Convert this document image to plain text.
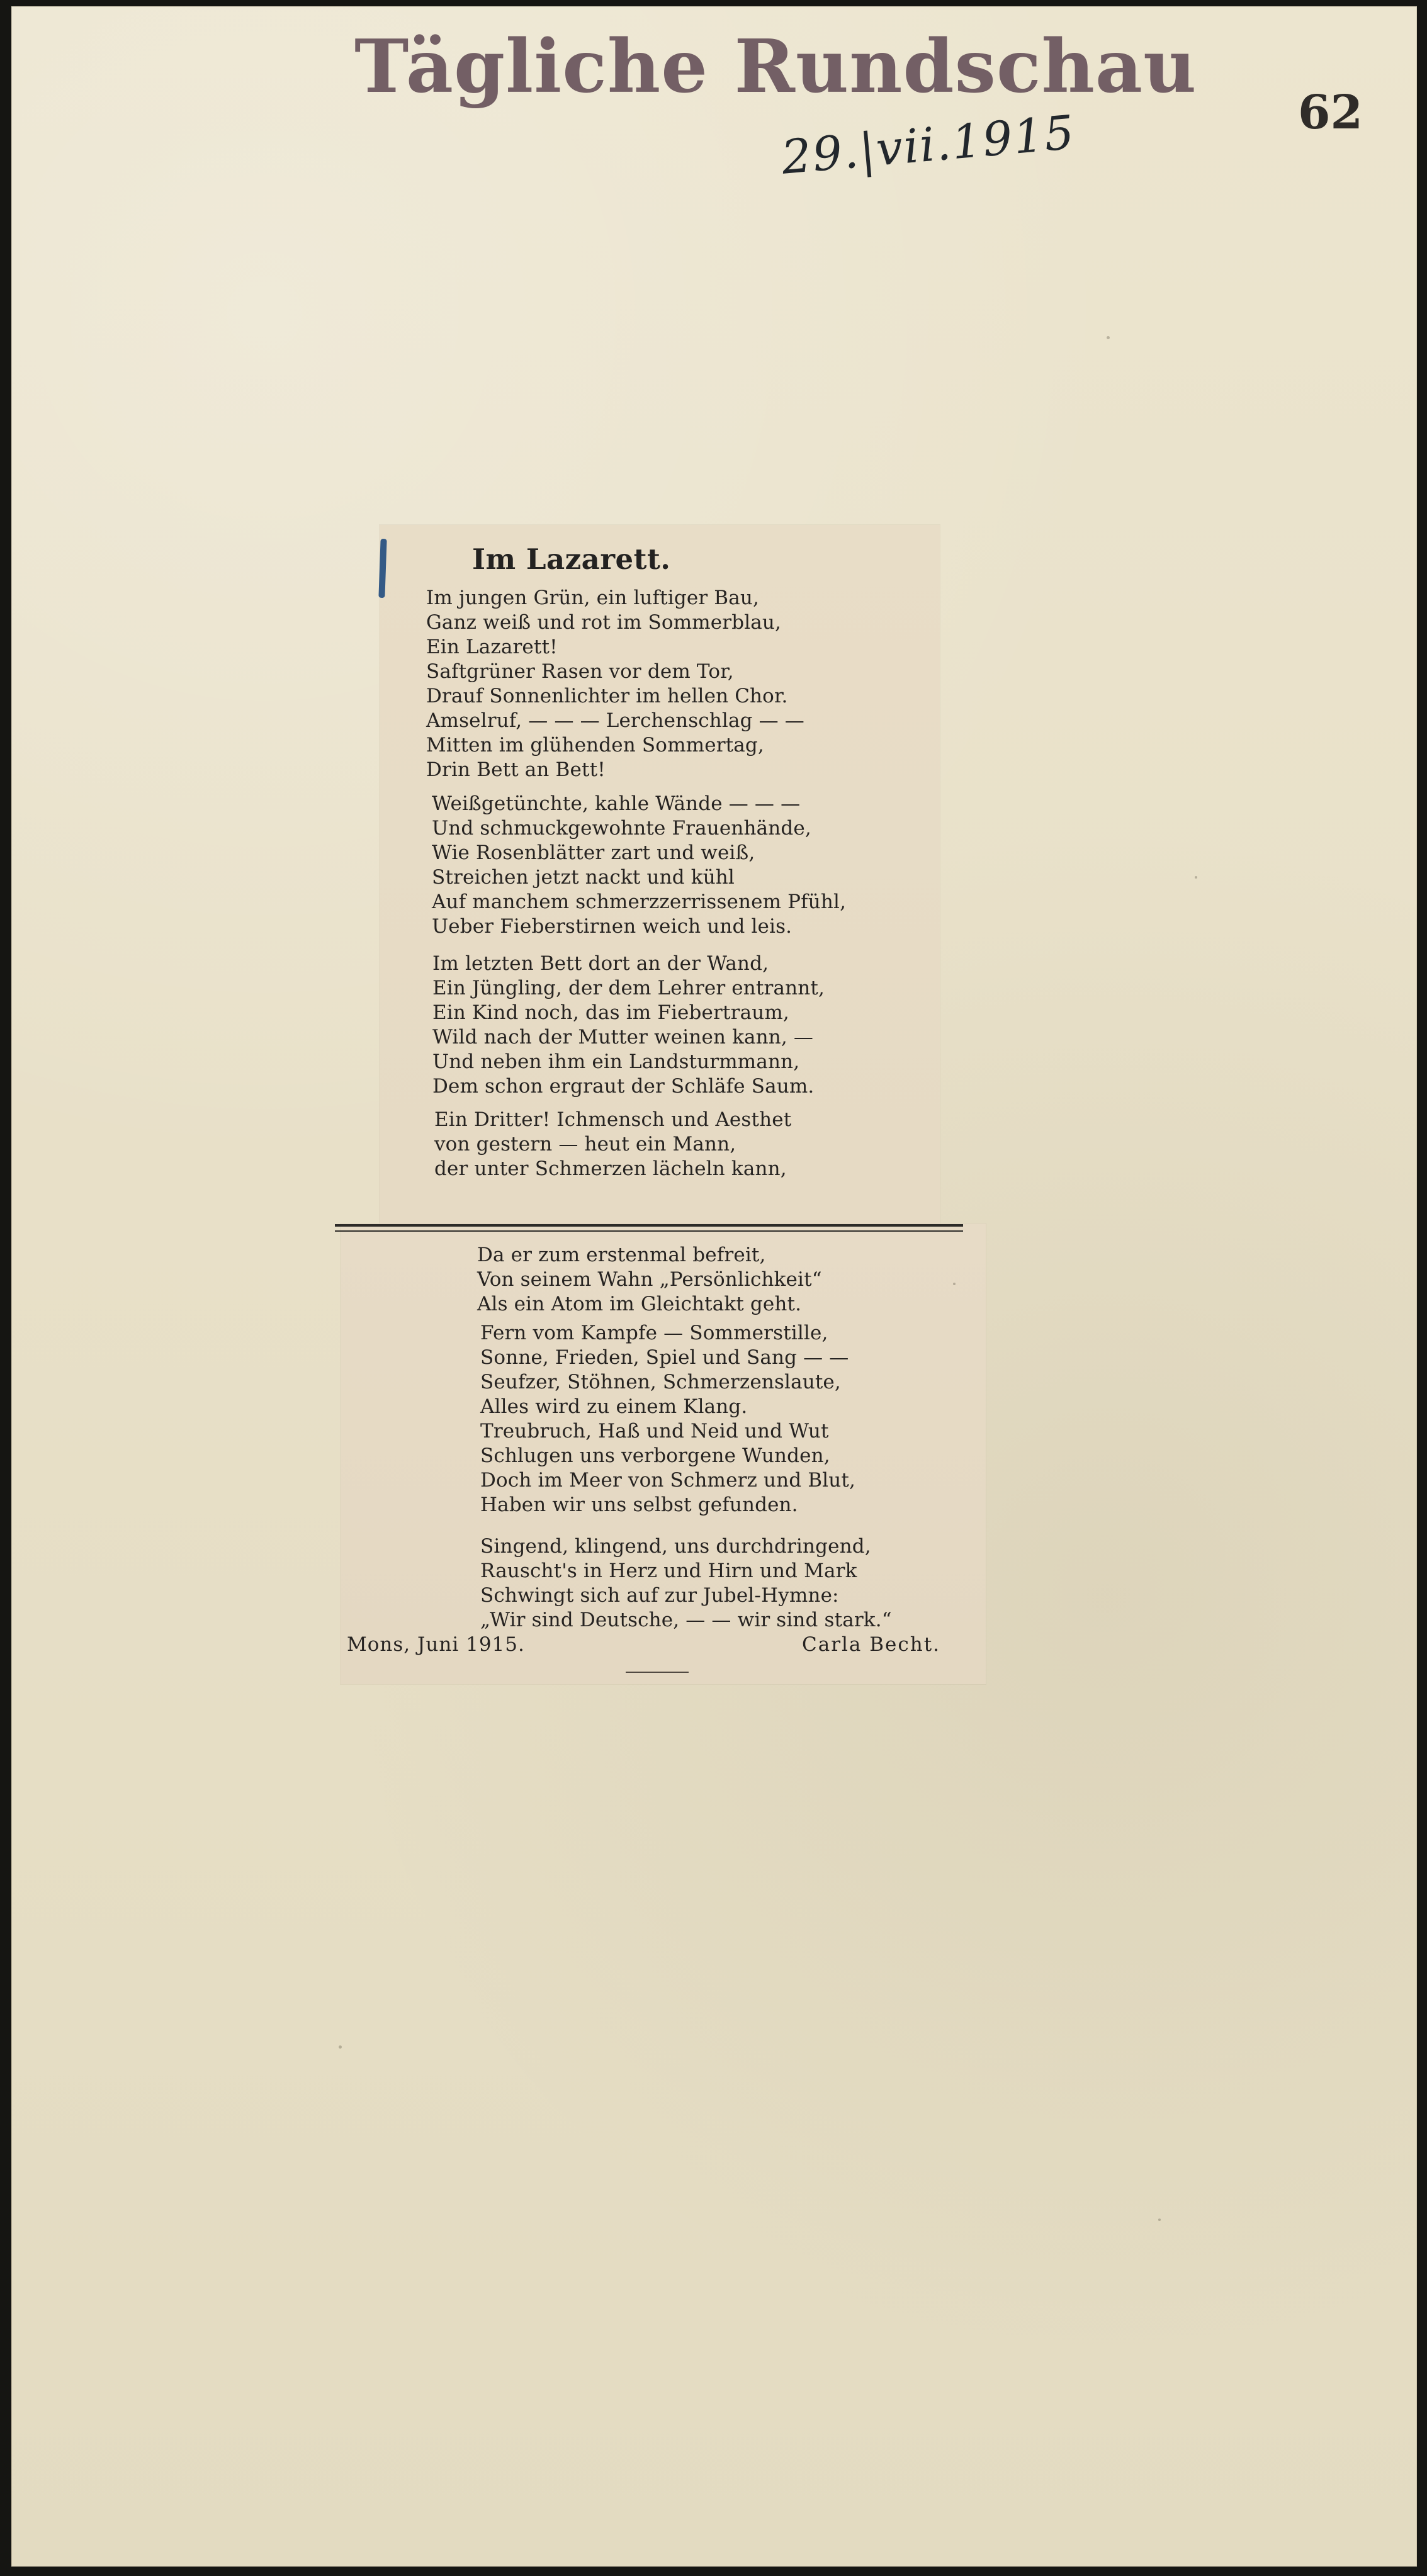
Tägliche Rundschau
29.|vii.1915	62
Im Lazarett.
Im jungen Grün, ein luftiger Bau,
Ganz weiß und rot im Sommerblau,
Ein Lazarett!
Saftgrüner Rasen vor dem Tor,
Drauf Sonnenlichter im hellen Chor.
Amselruf, — — — Lerchenschlag — —
Mitten im glühenden Sommertag,
Drin Bett an Bett!
Weißgetünchte, kahle Wände — — —
Und schmuckgewohnte Frauenhände,
Wie Rosenblätter zart und weiß,
Streichen jetzt nackt und kühl
Auf manchem schmerzzerrissenem Pfühl,
Ueber Fieberstirnen weich und leis.
Im letzten Bett dort an der Wand,
Ein Jüngling, der dem Lehrer entrannt,
Ein Kind noch, das im Fiebertraum,
Wild nach der Mutter weinen kann, —
Und neben ihm ein Landsturmmann,
Dem schon ergraut der Schläfe Saum.
Ein Dritter! Ichmensch und Aesthet
von gestern — heut ein Mann,
der unter Schmerzen lächeln kann,
Da er zum erstenmal befreit,
Von seinem Wahn „Persönlichkeit“
Als ein Atom im Gleichtakt geht.
Fern vom Kampfe — Sommerstille,
Sonne, Frieden, Spiel und Sang — —
Seufzer, Stöhnen, Schmerzenslaute,
Alles wird zu einem Klang.
Treubruch, Haß und Neid und Wut
Schlugen uns verborgene Wunden,
Doch im Meer von Schmerz und Blut,
Haben wir uns selbst gefunden.
Singend, klingend, uns durchdringend,
Rauscht's in Herz und Hirn und Mark
Schwingt sich auf zur Jubel-Hymne:
„Wir sind Deutsche, — — wir sind stark.“
Mons, Juni 1915.	Carla Becht.
